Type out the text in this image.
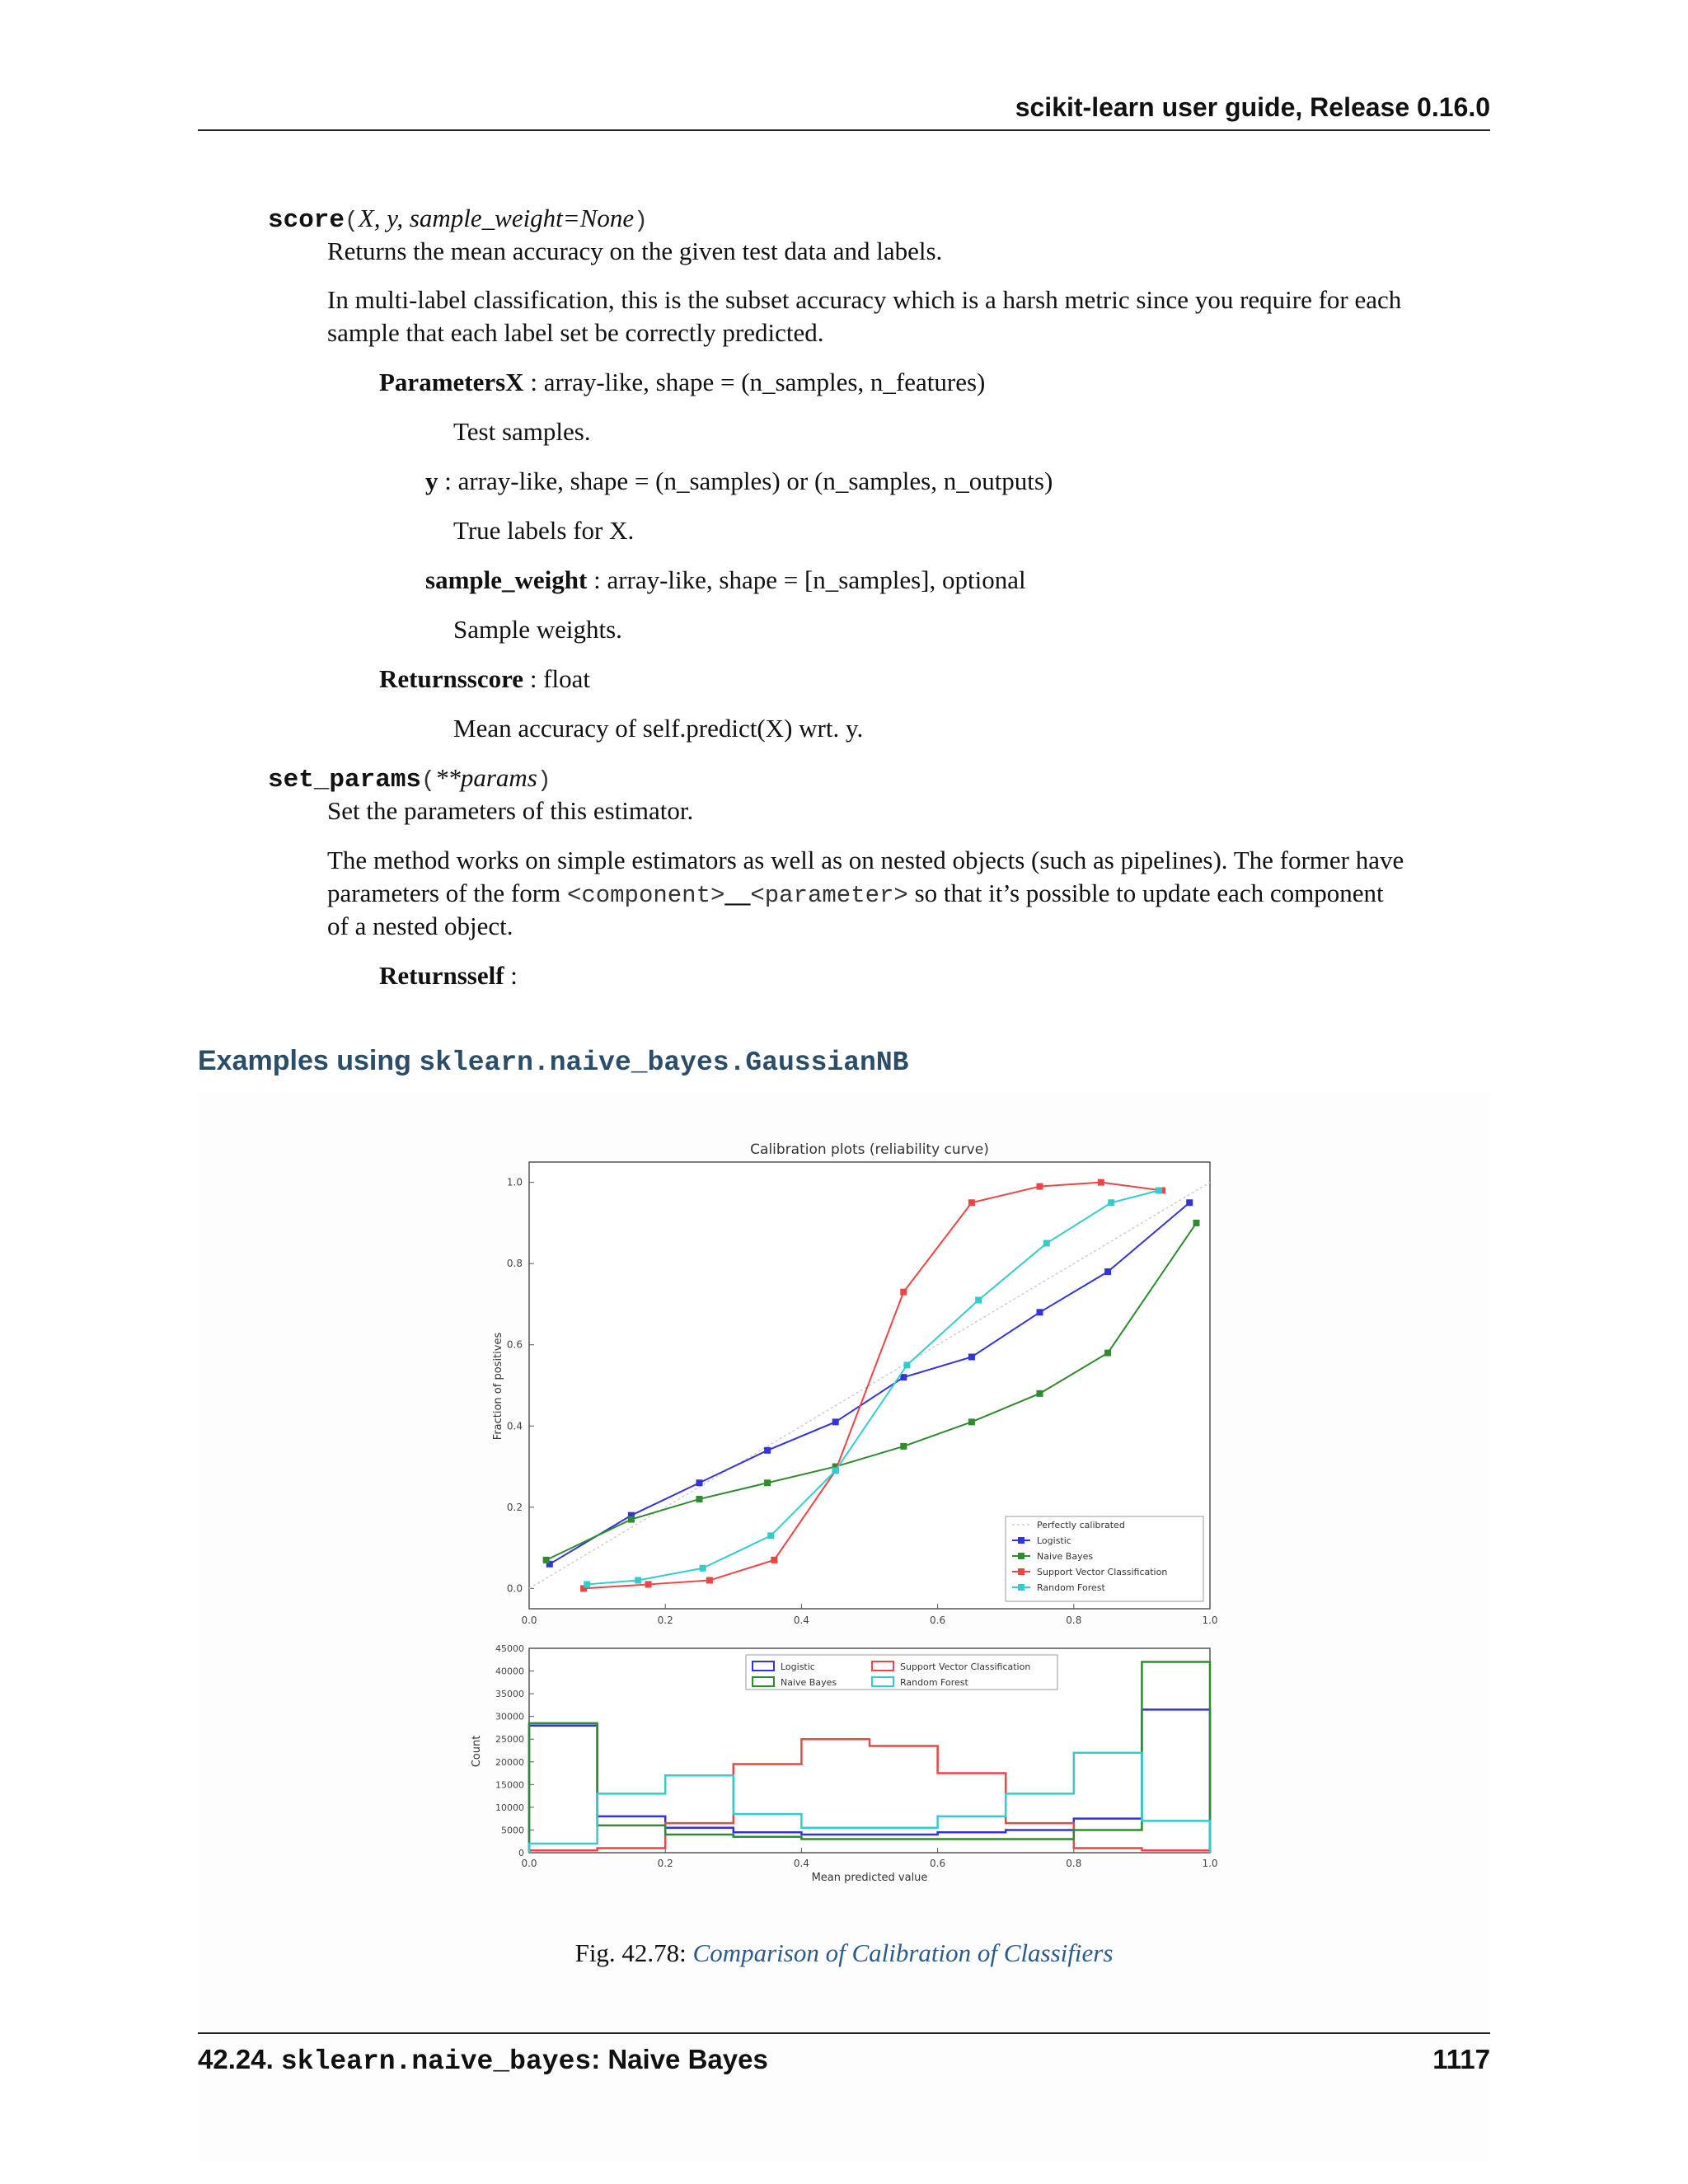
scikit-learn user guide, Release 0.16.0
score(X, y, sample_weight=None)
Returns the mean accuracy on the given test data and labels.
In multi-label classification, this is the subset accuracy which is a harsh metric since you require for each
sample that each label set be correctly predicted.
ParametersX : array-like, shape = (n_samples, n_features)
Test samples.
y : array-like, shape = (n_samples) or (n_samples, n_outputs)
True labels for X.
sample_weight : array-like, shape = [n_samples], optional
Sample weights.
Returnsscore : float
Mean accuracy of self.predict(X) wrt. y.
set_params(**params)
Set the parameters of this estimator.
The method works on simple estimators as well as on nested objects (such as pipelines). The former have
parameters of the form <component>__<parameter> so that it’s possible to update each component
of a nested object.
Returnsself :
Examples using sklearn.naive_bayes.GaussianNB
Calibration plots (reliability curve)
0.0	0.2	0.4	0.6	0.8	1.0
0.0
0.2
0.4
0.6
0.8
1.0
Perfectly calibrated
Logistic
Naive Bayes
Support Vector Classification
Random Forest
Fraction of positives
0.0	0.2	0.4	0.6	0.8	1.0
0
5000
10000
15000
20000
25000
30000
35000
40000
45000
Logistic	Support Vector Classification
Naive Bayes	Random Forest
Count
Mean predicted value
Fig. 42.78: Comparison of Calibration of Classifiers
42.24. sklearn.naive_bayes: Naive Bayes	1117
